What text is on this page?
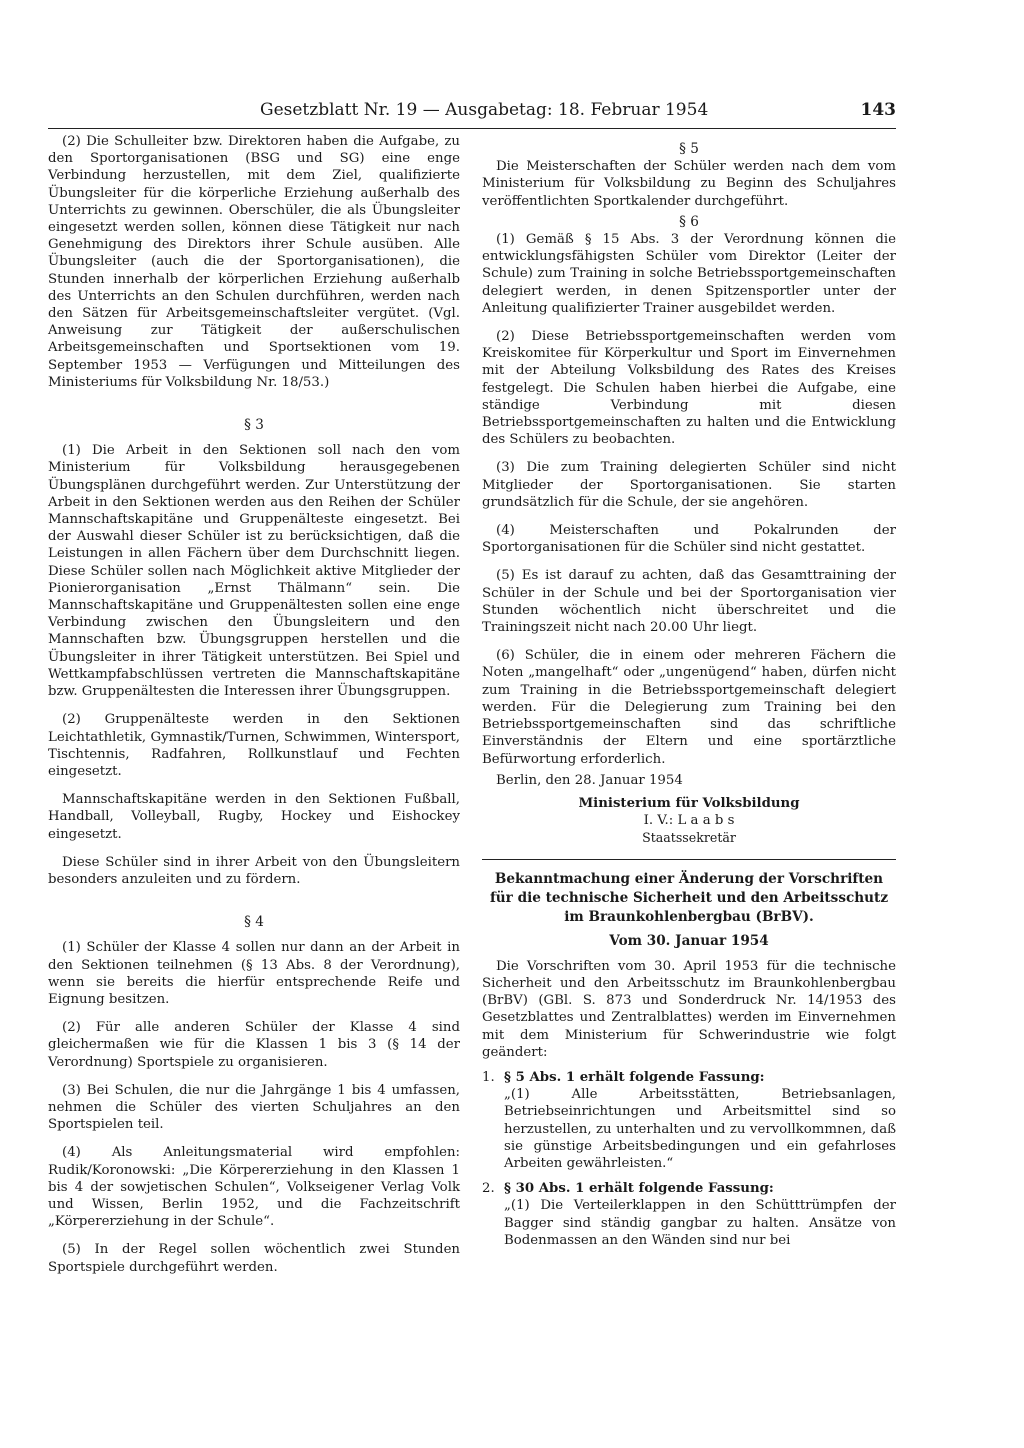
Gesetzblatt Nr. 19 — Ausgabetag: 18. Februar 1954	143

(2) Die Schulleiter bzw. Direktoren haben die Aufgabe, zu den Sportorganisationen (BSG und SG) eine enge Verbindung herzustellen, mit dem Ziel, qualifizierte Übungsleiter für die körperliche Erziehung außerhalb des Unterrichts zu gewinnen. Oberschüler, die als Übungsleiter eingesetzt werden sollen, können diese Tätigkeit nur nach Genehmigung des Direktors ihrer Schule ausüben. Alle Übungsleiter (auch die der Sportorganisationen), die Stunden innerhalb der körperlichen Erziehung außerhalb des Unterrichts an den Schulen durchführen, werden nach den Sätzen für Arbeitsgemeinschaftsleiter vergütet. (Vgl. Anweisung zur Tätigkeit der außerschulischen Arbeitsgemeinschaften und Sportsektionen vom 19. September 1953 — Verfügungen und Mitteilungen des Ministeriums für Volksbildung Nr. 18/53.)

§ 3

(1) Die Arbeit in den Sektionen soll nach den vom Ministerium für Volksbildung herausgegebenen Übungsplänen durchgeführt werden. Zur Unterstützung der Arbeit in den Sektionen werden aus den Reihen der Schüler Mannschaftskapitäne und Gruppenälteste eingesetzt. Bei der Auswahl dieser Schüler ist zu berücksichtigen, daß die Leistungen in allen Fächern über dem Durchschnitt liegen. Diese Schüler sollen nach Möglichkeit aktive Mitglieder der Pionierorganisation „Ernst Thälmann“ sein. Die Mannschaftskapitäne und Gruppenältesten sollen eine enge Verbindung zwischen den Übungsleitern und den Mannschaften bzw. Übungsgruppen herstellen und die Übungsleiter in ihrer Tätigkeit unterstützen. Bei Spiel und Wettkampfabschlüssen vertreten die Mannschaftskapitäne bzw. Gruppenältesten die Interessen ihrer Übungsgruppen.

(2) Gruppenälteste werden in den Sektionen Leichtathletik, Gymnastik/Turnen, Schwimmen, Wintersport, Tischtennis, Radfahren, Rollkunstlauf und Fechten eingesetzt.

Mannschaftskapitäne werden in den Sektionen Fußball, Handball, Volleyball, Rugby, Hockey und Eishockey eingesetzt.

Diese Schüler sind in ihrer Arbeit von den Übungsleitern besonders anzuleiten und zu fördern.

§ 4

(1) Schüler der Klasse 4 sollen nur dann an der Arbeit in den Sektionen teilnehmen (§ 13 Abs. 8 der Verordnung), wenn sie bereits die hierfür entsprechende Reife und Eignung besitzen.

(2) Für alle anderen Schüler der Klasse 4 sind gleichermaßen wie für die Klassen 1 bis 3 (§ 14 der Verordnung) Sportspiele zu organisieren.

(3) Bei Schulen, die nur die Jahrgänge 1 bis 4 umfassen, nehmen die Schüler des vierten Schuljahres an den Sportspielen teil.

(4) Als Anleitungsmaterial wird empfohlen: Rudik/Koronowski: „Die Körpererziehung in den Klassen 1 bis 4 der sowjetischen Schulen“, Volkseigener Verlag Volk und Wissen, Berlin 1952, und die Fachzeitschrift „Körpererziehung in der Schule“.

(5) In der Regel sollen wöchentlich zwei Stunden Sportspiele durchgeführt werden.

§ 5

Die Meisterschaften der Schüler werden nach dem vom Ministerium für Volksbildung zu Beginn des Schuljahres veröffentlichten Sportkalender durchgeführt.

§ 6

(1) Gemäß § 15 Abs. 3 der Verordnung können die entwicklungsfähigsten Schüler vom Direktor (Leiter der Schule) zum Training in solche Betriebssportgemeinschaften delegiert werden, in denen Spitzensportler unter der Anleitung qualifizierter Trainer ausgebildet werden.

(2) Diese Betriebssportgemeinschaften werden vom Kreiskomitee für Körperkultur und Sport im Einvernehmen mit der Abteilung Volksbildung des Rates des Kreises festgelegt. Die Schulen haben hierbei die Aufgabe, eine ständige Verbindung mit diesen Betriebssportgemeinschaften zu halten und die Entwicklung des Schülers zu beobachten.

(3) Die zum Training delegierten Schüler sind nicht Mitglieder der Sportorganisationen. Sie starten grundsätzlich für die Schule, der sie angehören.

(4) Meisterschaften und Pokalrunden der Sportorganisationen für die Schüler sind nicht gestattet.

(5) Es ist darauf zu achten, daß das Gesamttraining der Schüler in der Schule und bei der Sportorganisation vier Stunden wöchentlich nicht überschreitet und die Trainingszeit nicht nach 20.00 Uhr liegt.

(6) Schüler, die in einem oder mehreren Fächern die Noten „mangelhaft“ oder „ungenügend“ haben, dürfen nicht zum Training in die Betriebssportgemeinschaft delegiert werden. Für die Delegierung zum Training bei den Betriebssportgemeinschaften sind das schriftliche Einverständnis der Eltern und eine sportärztliche Befürwortung erforderlich.

Berlin, den 28. Januar 1954

Ministerium für Volksbildung

I. V.: L a a b s

Staatssekretär

Bekanntmachung einer Änderung der Vorschriften für die technische Sicherheit und den Arbeitsschutz im Braunkohlenbergbau (BrBV).

Vom 30. Januar 1954

Die Vorschriften vom 30. April 1953 für die technische Sicherheit und den Arbeitsschutz im Braunkohlenbergbau (BrBV) (GBl. S. 873 und Sonderdruck Nr. 14/1953 des Gesetzblattes und Zentralblattes) werden im Einvernehmen mit dem Ministerium für Schwerindustrie wie folgt geändert:

1. § 5 Abs. 1 erhält folgende Fassung:

„(1) Alle Arbeitsstätten, Betriebsanlagen, Betriebseinrichtungen und Arbeitsmittel sind so herzustellen, zu unterhalten und zu vervollkommnen, daß sie günstige Arbeitsbedingungen und ein gefahrloses Arbeiten gewährleisten.“

2. § 30 Abs. 1 erhält folgende Fassung:

„(1) Die Verteilerklappen in den Schütttrümpfen der Bagger sind ständig gangbar zu halten. Ansätze von Bodenmassen an den Wänden sind nur bei
